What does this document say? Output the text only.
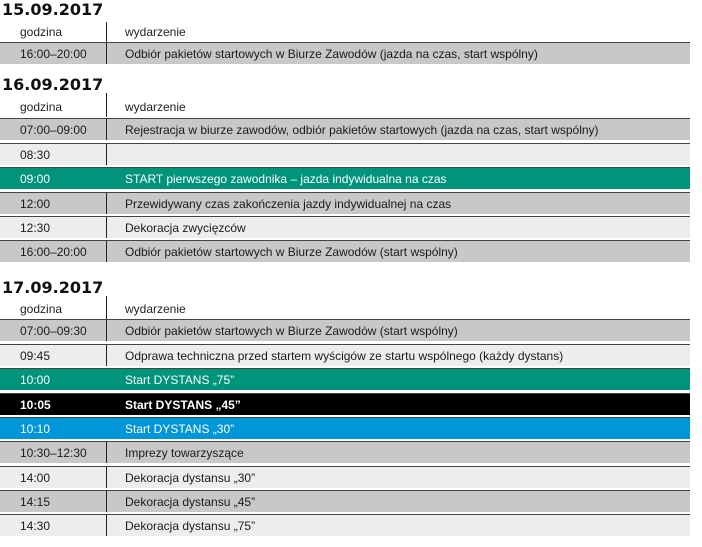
15.09.2017
godzina	wydarzenie
16:00–20:00	Odbiór pakietów startowych w Biurze Zawodów (jazda na czas, start wspólny)
16.09.2017
godzina	wydarzenie
07:00–09:00	Rejestracja w biurze zawodów, odbiór pakietów startowych (jazda na czas, start wspólny)
08:30
09:00	START pierwszego zawodnika – jazda indywidualna na czas
12:00	Przewidywany czas zakończenia jazdy indywidualnej na czas
12:30	Dekoracja zwycięzców
16:00–20:00	Odbiór pakietów startowych w Biurze Zawodów (start wspólny)
17.09.2017
godzina	wydarzenie
07:00–09:30	Odbiór pakietów startowych w Biurze Zawodów (start wspólny)
09:45	Odprawa techniczna przed startem wyścigów ze startu wspólnego (każdy dystans)
10:00	Start DYSTANS „75”
10:05	Start DYSTANS „45”
10:10	Start DYSTANS „30”
10:30–12:30	Imprezy towarzyszące
14:00	Dekoracja dystansu „30”
14:15	Dekoracja dystansu „45”
14:30	Dekoracja dystansu „75”
